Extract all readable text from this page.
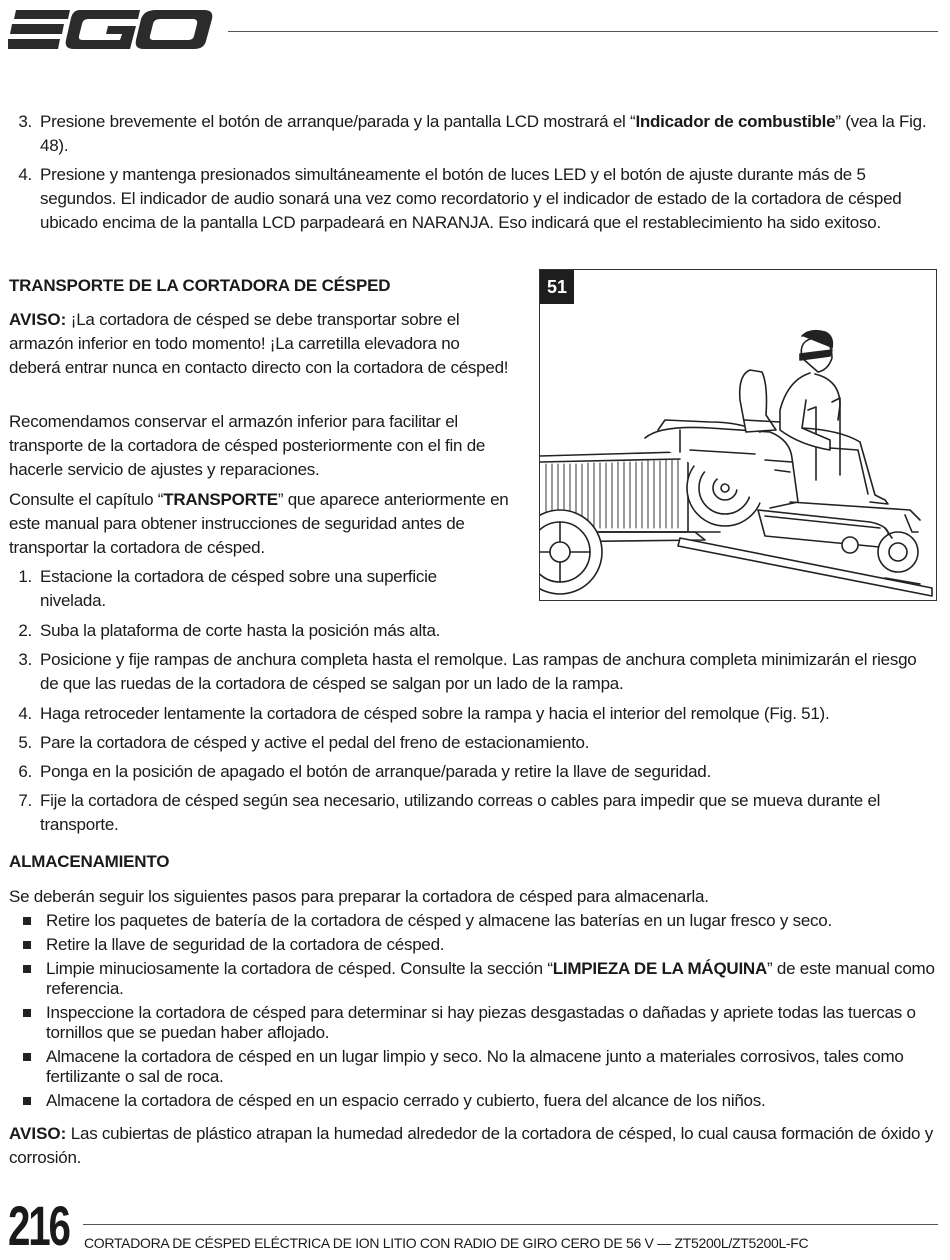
3. Presione brevemente el botón de arranque/parada y la pantalla LCD mostrará el “Indicador de combustible” (vea la Fig. 48).
4. Presione y mantenga presionados simultáneamente el botón de luces LED y el botón de ajuste durante más de 5 segundos. El indicador de audio sonará una vez como recordatorio y el indicador de estado de la cortadora de césped ubicado encima de la pantalla LCD parpadeará en NARANJA. Eso indicará que el restablecimiento ha sido exitoso.
TRANSPORTE DE LA CORTADORA DE CÉSPED
AVISO: ¡La cortadora de césped se debe transportar sobre el armazón inferior en todo momento! ¡La carretilla elevadora no deberá entrar nunca en contacto directo con la cortadora de césped!
Recomendamos conservar el armazón inferior para facilitar el transporte de la cortadora de césped posteriormente con el fin de hacerle servicio de ajustes y reparaciones.
Consulte el capítulo “TRANSPORTE” que aparece anteriormente en este manual para obtener instrucciones de seguridad antes de transportar la cortadora de césped.
1. Estacione la cortadora de césped sobre una superficie nivelada.
2. Suba la plataforma de corte hasta la posición más alta.
3. Posicione y fije rampas de anchura completa hasta el remolque. Las rampas de anchura completa minimizarán el riesgo de que las ruedas de la cortadora de césped se salgan por un lado de la rampa.
4. Haga retroceder lentamente la cortadora de césped sobre la rampa y hacia el interior del remolque (Fig. 51).
5. Pare la cortadora de césped y active el pedal del freno de estacionamiento.
6. Ponga en la posición de apagado el botón de arranque/parada y retire la llave de seguridad.
7. Fije la cortadora de césped según sea necesario, utilizando correas o cables para impedir que se mueva durante el transporte.
51
ALMACENAMIENTO
Se deberán seguir los siguientes pasos para preparar la cortadora de césped para almacenarla.
Retire los paquetes de batería de la cortadora de césped y almacene las baterías en un lugar fresco y seco.
Retire la llave de seguridad de la cortadora de césped.
Limpie minuciosamente la cortadora de césped. Consulte la sección “LIMPIEZA DE LA MÁQUINA” de este manual como referencia.
Inspeccione la cortadora de césped para determinar si hay piezas desgastadas o dañadas y apriete todas las tuercas o tornillos que se puedan haber aflojado.
Almacene la cortadora de césped en un lugar limpio y seco. No la almacene junto a materiales corrosivos, tales como fertilizante o sal de roca.
Almacene la cortadora de césped en un espacio cerrado y cubierto, fuera del alcance de los niños.
AVISO: Las cubiertas de plástico atrapan la humedad alrededor de la cortadora de césped, lo cual causa formación de óxido y corrosión.
216 CORTADORA DE CÉSPED ELÉCTRICA DE ION LITIO CON RADIO DE GIRO CERO DE 56 V — ZT5200L/ZT5200L-FC
